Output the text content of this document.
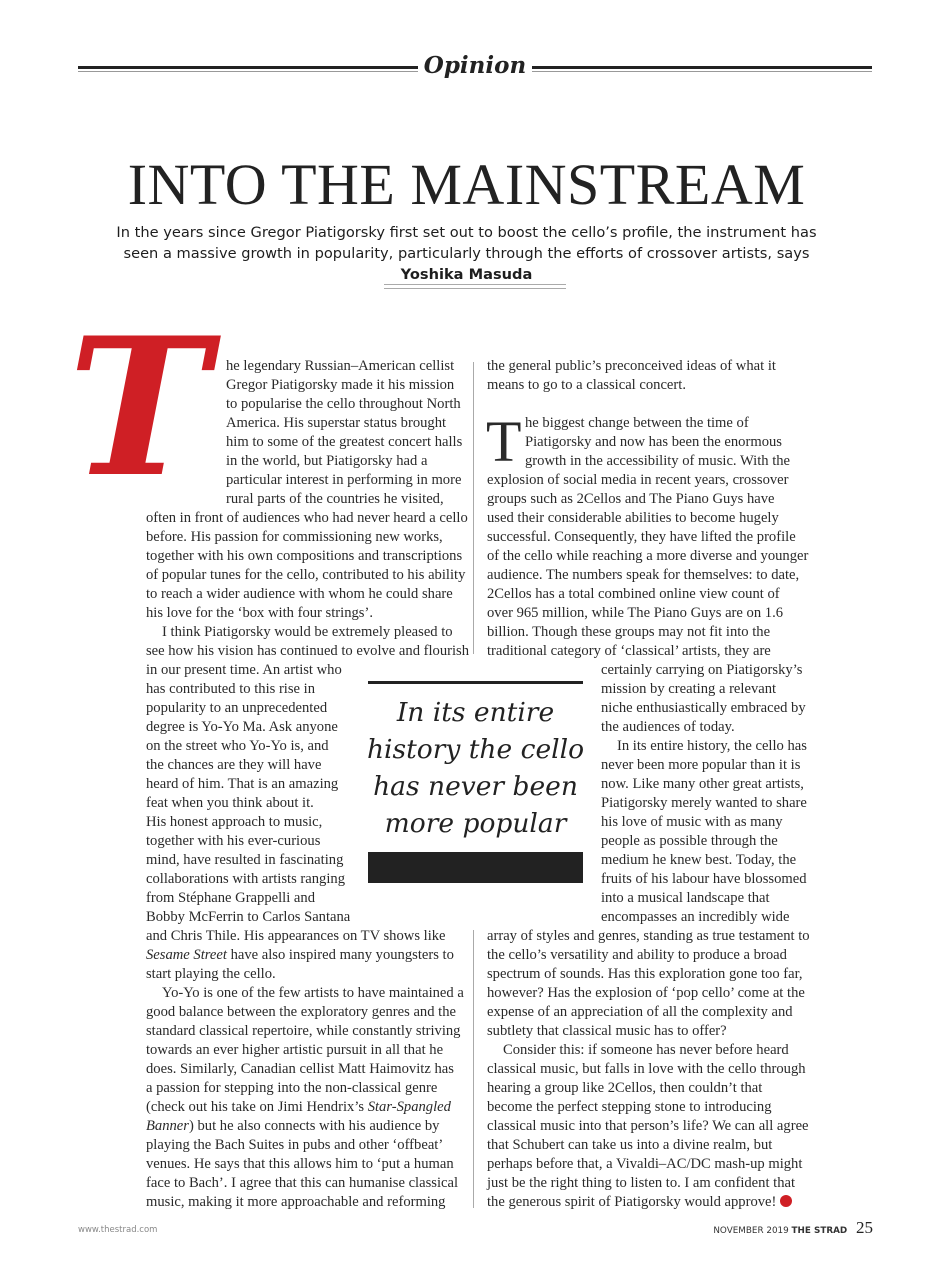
Opinion
INTO THE MAINSTREAM
In the years since Gregor Piatigorsky first set out to boost the cello’s profile, the instrument has seen a massive growth in popularity, particularly through the efforts of crossover artists, says Yoshika Masuda
T	he legendary Russian–American cellist
Gregor Piatigorsky made it his mission
to popularise the cello throughout North
America. His superstar status brought
him to some of the greatest concert halls
in the world, but Piatigorsky had a
particular interest in performing in more
rural parts of the countries he visited,
often in front of audiences who had never heard a cello
before. His passion for commissioning new works,
together with his own compositions and transcriptions
of popular tunes for the cello, contributed to his ability
to reach a wider audience with whom he could share
his love for the ‘box with four strings’.
I think Piatigorsky would be extremely pleased to
see how his vision has continued to evolve and flourish
in our present time. An artist who
has contributed to this rise in
popularity to an unprecedented
degree is Yo-Yo Ma. Ask anyone
on the street who Yo-Yo is, and
the chances are they will have
heard of him. That is an amazing
feat when you think about it.
His honest approach to music,
together with his ever-curious
mind, have resulted in fascinating
collaborations with artists ranging
from Stéphane Grappelli and
Bobby McFerrin to Carlos Santana
and Chris Thile. His appearances on TV shows like
Sesame Street have also inspired many youngsters to
start playing the cello.
Yo-Yo is one of the few artists to have maintained a
good balance between the exploratory genres and the
standard classical repertoire, while constantly striving
towards an ever higher artistic pursuit in all that he
does. Similarly, Canadian cellist Matt Haimovitz has
a passion for stepping into the non-classical genre
(check out his take on Jimi Hendrix’s Star-Spangled
Banner) but he also connects with his audience by
playing the Bach Suites in pubs and other ‘offbeat’
venues. He says that this allows him to ‘put a human
face to Bach’. I agree that this can humanise classical
music, making it more approachable and reforming
the general public’s preconceived ideas of what it
means to go to a classical concert.
T he biggest change between the time of
Piatigorsky and now has been the enormous
growth in the accessibility of music. With the
explosion of social media in recent years, crossover
groups such as 2Cellos and The Piano Guys have
used their considerable abilities to become hugely
successful. Consequently, they have lifted the profile
of the cello while reaching a more diverse and younger
audience. The numbers speak for themselves: to date,
2Cellos has a total combined online view count of
over 965 million, while The Piano Guys are on 1.6
billion. Though these groups may not fit into the
traditional category of ‘classical’ artists, they are
certainly carrying on Piatigorsky’s
mission by creating a relevant
niche enthusiastically embraced by
the audiences of today.
In its entire history, the cello has
never been more popular than it is
now. Like many other great artists,
Piatigorsky merely wanted to share
his love of music with as many
people as possible through the
medium he knew best. Today, the
fruits of his labour have blossomed
into a musical landscape that
encompasses an incredibly wide
array of styles and genres, standing as true testament to
the cello’s versatility and ability to produce a broad
spectrum of sounds. Has this exploration gone too far,
however? Has the explosion of ‘pop cello’ come at the
expense of an appreciation of all the complexity and
subtlety that classical music has to offer?
Consider this: if someone has never before heard
classical music, but falls in love with the cello through
hearing a group like 2Cellos, then couldn’t that
become the perfect stepping stone to introducing
classical music into that person’s life? We can all agree
that Schubert can take us into a divine realm, but
perhaps before that, a Vivaldi–AC/DC mash-up might
just be the right thing to listen to. I am confident that
the generous spirit of Piatigorsky would approve!
In its entire history the cello has never been more popular
www.thestrad.com	NOVEMBER 2019 THE STRAD 25
